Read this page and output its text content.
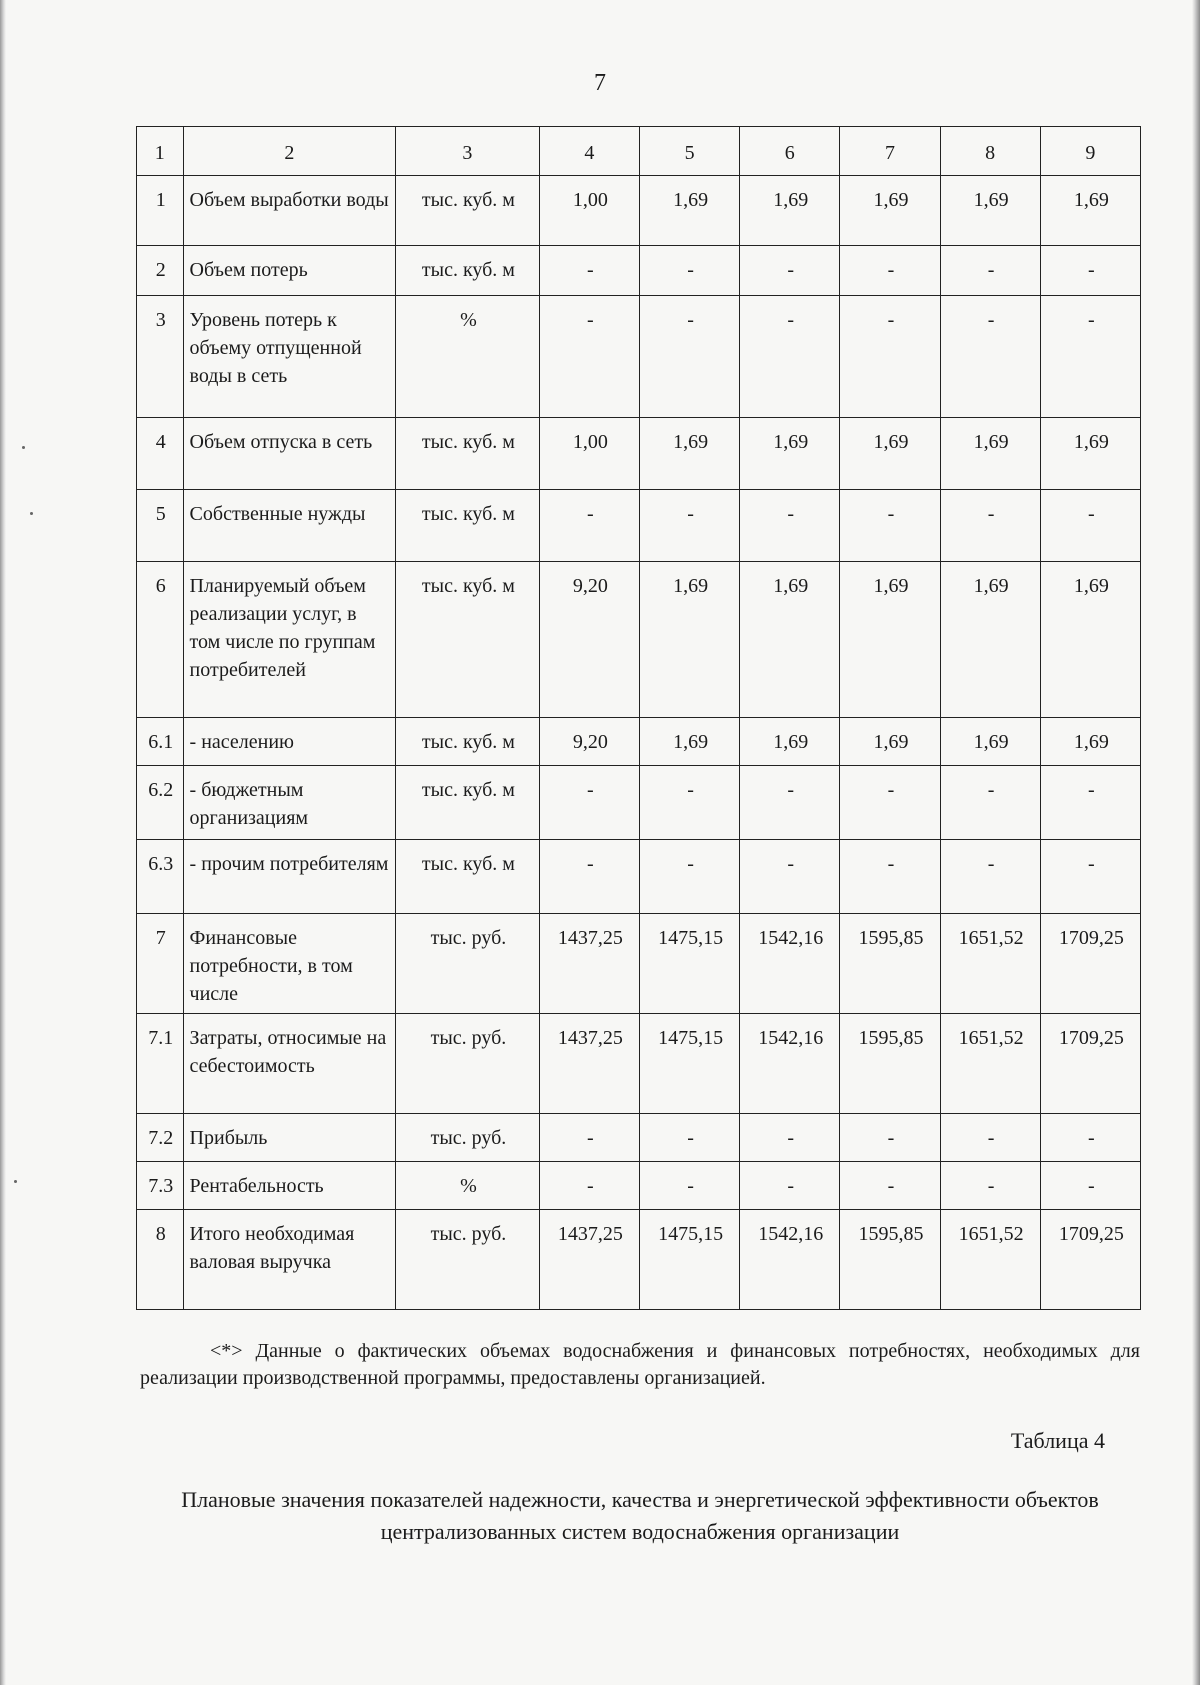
7
1	2	3	4	5	6	7	8	9
1	Объем выработки воды	тыс. куб. м	1,00	1,69	1,69	1,69	1,69	1,69
2	Объем потерь	тыс. куб. м	-	-	-	-	-	-
3	Уровень потерь к объему отпущенной воды в сеть	%	-	-	-	-	-	-
4	Объем отпуска в сеть	тыс. куб. м	1,00	1,69	1,69	1,69	1,69	1,69
5	Собственные нужды	тыс. куб. м	-	-	-	-	-	-
6	Планируемый объем реализации услуг, в том числе по группам потребителей	тыс. куб. м	9,20	1,69	1,69	1,69	1,69	1,69
6.1	- населению	тыс. куб. м	9,20	1,69	1,69	1,69	1,69	1,69
6.2	- бюджетным организациям	тыс. куб. м	-	-	-	-	-	-
6.3	- прочим потребителям	тыс. куб. м	-	-	-	-	-	-
7	Финансовые потребности, в том числе	тыс. руб.	1437,25	1475,15	1542,16	1595,85	1651,52	1709,25
7.1	Затраты, относимые на себестоимость	тыс. руб.	1437,25	1475,15	1542,16	1595,85	1651,52	1709,25
7.2	Прибыль	тыс. руб.	-	-	-	-	-	-
7.3	Рентабельность	%	-	-	-	-	-	-
8	Итого необходимая валовая выручка	тыс. руб.	1437,25	1475,15	1542,16	1595,85	1651,52	1709,25
<*> Данные о фактических объемах водоснабжения и финансовых потребностях, необходимых для реализации производственной программы, предоставлены организацией.
Таблица 4
Плановые значения показателей надежности, качества и энергетической эффективности объектов централизованных систем водоснабжения организации
